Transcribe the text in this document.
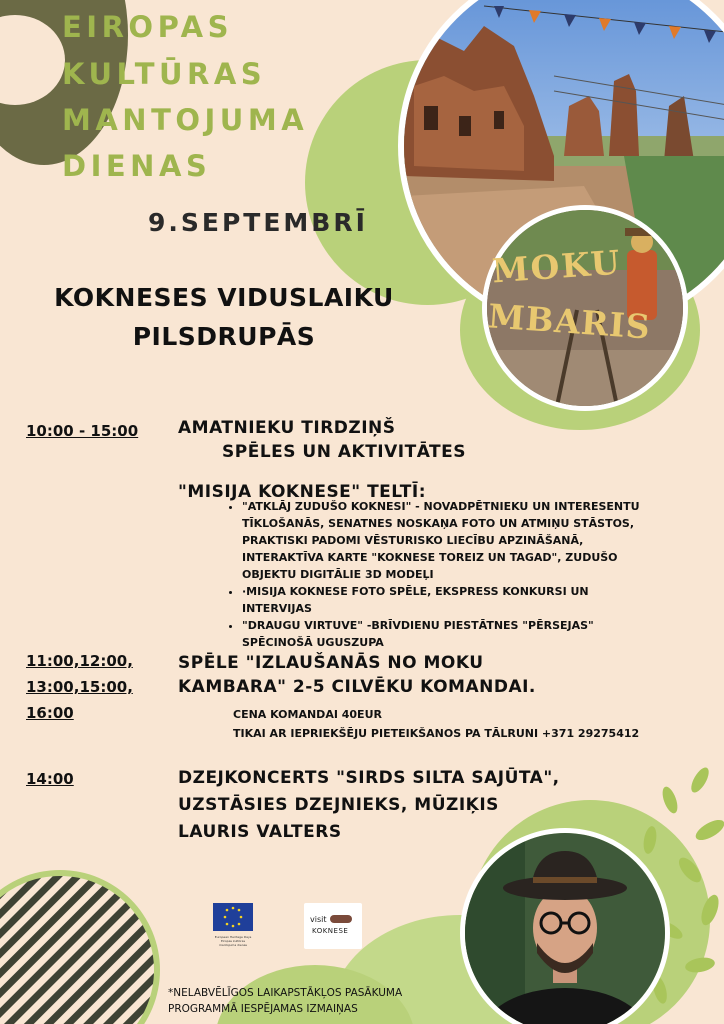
MOKU
MBARIS
EIROPAS
KULTŪRAS
MANTOJUMA
DIENAS
9.SEPTEMBRĪ
KOKNESES VIDUSLAIKU
PILSDRUPĀS
10:00 - 15:00 AMATNIEKU TIRDZIŅŠ
SPĒLES UN AKTIVITĀTES
"MISIJA KOKNESE" TELTĪ:
• "ATKLĀJ ZUDUŠO KOKNESI" - NOVADPĒTNIEKU UN INTERESENTU TĪKLOŠANĀS, SENATNES NOSKAŅA FOTO UN ATMIŅU STĀSTOS, PRAKTISKI PADOMI VĒSTURISKO LIECĪBU APZINĀŠANĀ, INTERAKTĪVA KARTE "KOKNESE TOREIZ UN TAGAD", ZUDUŠO OBJEKTU DIGITĀLIE 3D MODEĻI
• ·MISIJA KOKNESE FOTO SPĒLE, EKSPRESS KONKURSI UN INTERVIJAS
• "DRAUGU VIRTUVE" -BRĪVDIENU PIESTĀTNES "PĒRSEJAS" SPĒCINOŠĀ UGUSZUPA
11:00,12:00,
13:00,15:00,
16:00
SPĒLE "IZLAUŠANĀS NO MOKU
KAMBARA" 2-5 CILVĒKU KOMANDAI.
CENA KOMANDAI 40EUR
TIKAI AR IEPRIEKŠĒJU PIETEIKŠANOS PA TĀLRUNI +371 29275412
14:00	DZEJKONCERTS "SIRDS SILTA SAJŪTA",
UZSTĀSIES DZEJNIEKS, MŪZIĶIS
LAURIS VALTERS
European Heritage Days
Eiropas kultūras
mantojuma dienas
visit
KOKNESE
*NELABVĒLĪGOS LAIKAPSTĀKĻOS PASĀKUMA
PROGRAMMĀ IESPĒJAMAS IZMAIŅAS
